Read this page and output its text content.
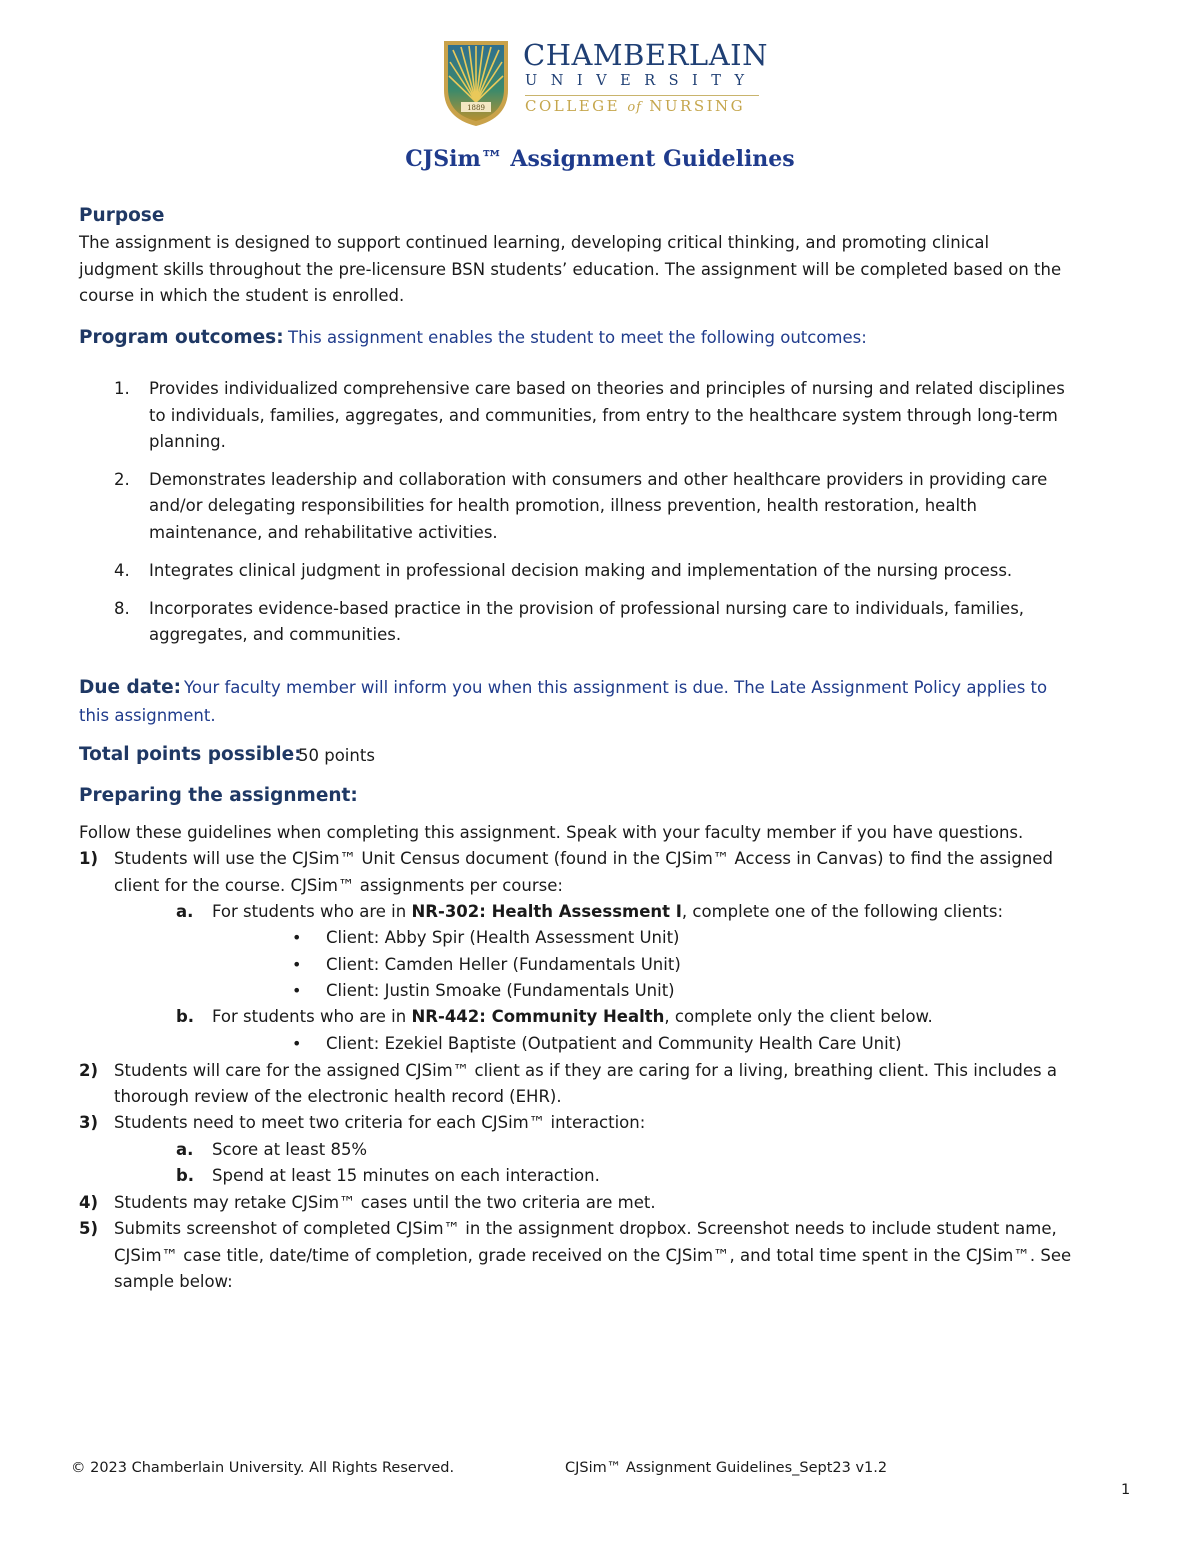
1889
CHAMBERLAIN
UNIVERSITY
COLLEGE of NURSING
CJSim™ Assignment Guidelines
Purpose
The assignment is designed to support continued learning, developing critical thinking, and promoting clinical
judgment skills throughout the pre-licensure BSN students’ education. The assignment will be completed based on the
course in which the student is enrolled.
Program outcomes: This assignment enables the student to meet the following outcomes:
1. Provides individualized comprehensive care based on theories and principles of nursing and related disciplines
to individuals, families, aggregates, and communities, from entry to the healthcare system through long-term
planning.
2. Demonstrates leadership and collaboration with consumers and other healthcare providers in providing care
and/or delegating responsibilities for health promotion, illness prevention, health restoration, health
maintenance, and rehabilitative activities.
4. Integrates clinical judgment in professional decision making and implementation of the nursing process.
8. Incorporates evidence-based practice in the provision of professional nursing care to individuals, families,
aggregates, and communities.
Due date: Your faculty member will inform you when this assignment is due. The Late Assignment Policy applies to
this assignment.
Total points possible:
50 points
Preparing the assignment:
Follow these guidelines when completing this assignment. Speak with your faculty member if you have questions.
1) Students will use the CJSim™ Unit Census document (found in the CJSim™ Access in Canvas) to find the assigned
client for the course. CJSim™ assignments per course:
a. For students who are in NR-302: Health Assessment I, complete one of the following clients:
• Client: Abby Spir (Health Assessment Unit)
• Client: Camden Heller (Fundamentals Unit)
• Client: Justin Smoake (Fundamentals Unit)
b. For students who are in NR-442: Community Health, complete only the client below.
• Client: Ezekiel Baptiste (Outpatient and Community Health Care Unit)
2) Students will care for the assigned CJSim™ client as if they are caring for a living, breathing client. This includes a
thorough review of the electronic health record (EHR).
3) Students need to meet two criteria for each CJSim™ interaction:
a. Score at least 85%
b. Spend at least 15 minutes on each interaction.
4) Students may retake CJSim™ cases until the two criteria are met.
5) Submits screenshot of completed CJSim™ in the assignment dropbox. Screenshot needs to include student name,
CJSim™ case title, date/time of completion, grade received on the CJSim™, and total time spent in the CJSim™. See
sample below:
© 2023 Chamberlain University. All Rights Reserved.	CJSim™ Assignment Guidelines_Sept23 v1.2
1
